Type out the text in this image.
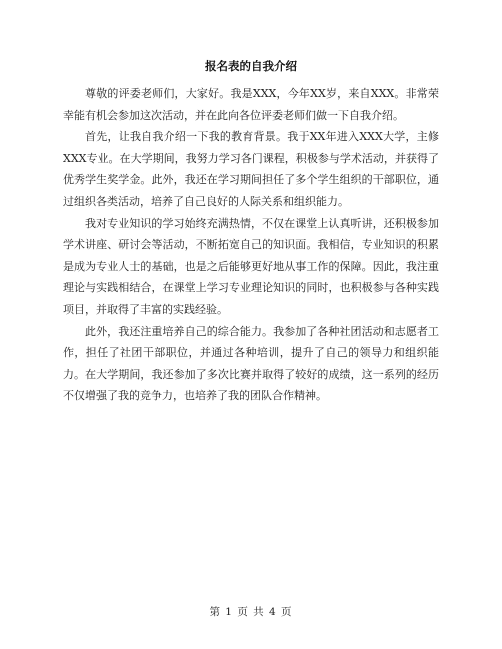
报名表的自我介绍

尊敬的评委老师们，大家好。我是XXX，今年XX岁，来自XXX。非常荣幸能有机会参加这次活动，并在此向各位评委老师们做一下自我介绍。

首先，让我自我介绍一下我的教育背景。我于XX年进入XXX大学，主修XXX专业。在大学期间，我努力学习各门课程，积极参与学术活动，并获得了优秀学生奖学金。此外，我还在学习期间担任了多个学生组织的干部职位，通过组织各类活动，培养了自己良好的人际关系和组织能力。

我对专业知识的学习始终充满热情，不仅在课堂上认真听讲，还积极参加学术讲座、研讨会等活动，不断拓宽自己的知识面。我相信，专业知识的积累是成为专业人士的基础，也是之后能够更好地从事工作的保障。因此，我注重理论与实践相结合，在课堂上学习专业理论知识的同时，也积极参与各种实践项目，并取得了丰富的实践经验。

此外，我还注重培养自己的综合能力。我参加了各种社团活动和志愿者工作，担任了社团干部职位，并通过各种培训，提升了自己的领导力和组织能力。在大学期间，我还参加了多次比赛并取得了较好的成绩，这一系列的经历不仅增强了我的竞争力，也培养了我的团队合作精神。

第 1 页 共 4 页
